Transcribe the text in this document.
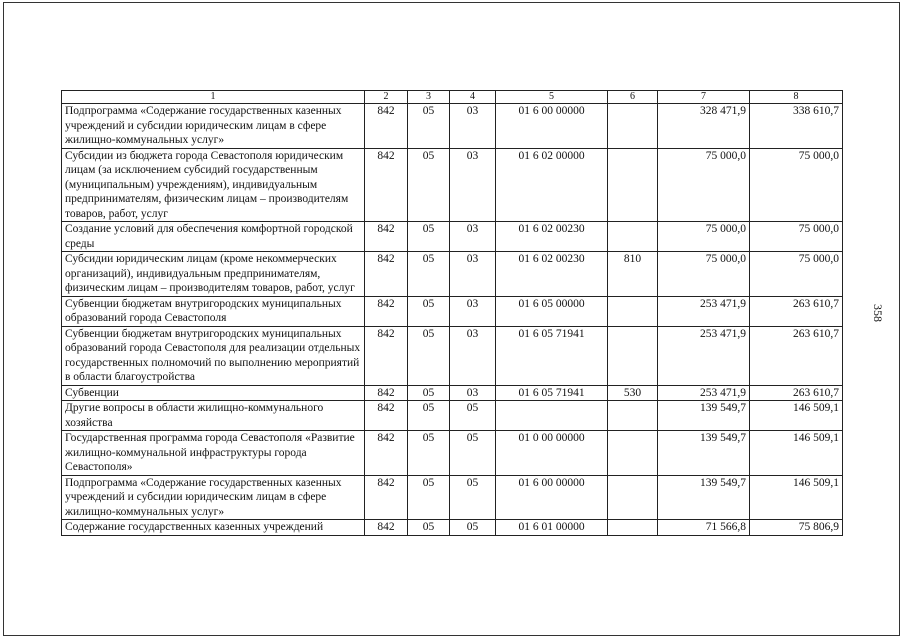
1	2	3	4	5	6	7	8
Подпрограмма «Содержание государственных казенных учреждений и субсидии юридическим лицам в сфере жилищно-коммунальных услуг»	842	05	03	01 6 00 00000		328 471,9	338 610,7
Субсидии из бюджета города Севастополя юридическим лицам (за исключением субсидий государственным (муниципальным) учреждениям), индивидуальным предпринимателям, физическим лицам – производителям товаров, работ, услуг	842	05	03	01 6 02 00000		75 000,0	75 000,0
Создание условий для обеспечения комфортной городской среды	842	05	03	01 6 02 00230		75 000,0	75 000,0
Субсидии юридическим лицам (кроме некоммерческих организаций), индивидуальным предпринимателям, физическим лицам – производителям товаров, работ, услуг	842	05	03	01 6 02 00230	810	75 000,0	75 000,0
Субвенции бюджетам внутригородских муниципальных образований города Севастополя	842	05	03	01 6 05 00000		253 471,9	263 610,7
Субвенции бюджетам внутригородских муниципальных образований города Севастополя для реализации отдельных государственных полномочий по выполнению мероприятий в области благоустройства	842	05	03	01 6 05 71941		253 471,9	263 610,7
Субвенции	842	05	03	01 6 05 71941	530	253 471,9	263 610,7
Другие вопросы в области жилищно-коммунального хозяйства	842	05	05			139 549,7	146 509,1
Государственная программа города Севастополя «Развитие жилищно-коммунальной инфраструктуры города Севастополя»	842	05	05	01 0 00 00000		139 549,7	146 509,1
Подпрограмма «Содержание государственных казенных учреждений и субсидии юридическим лицам в сфере жилищно-коммунальных услуг»	842	05	05	01 6 00 00000		139 549,7	146 509,1
Содержание государственных казенных учреждений	842	05	05	01 6 01 00000		71 566,8	75 806,9
358
